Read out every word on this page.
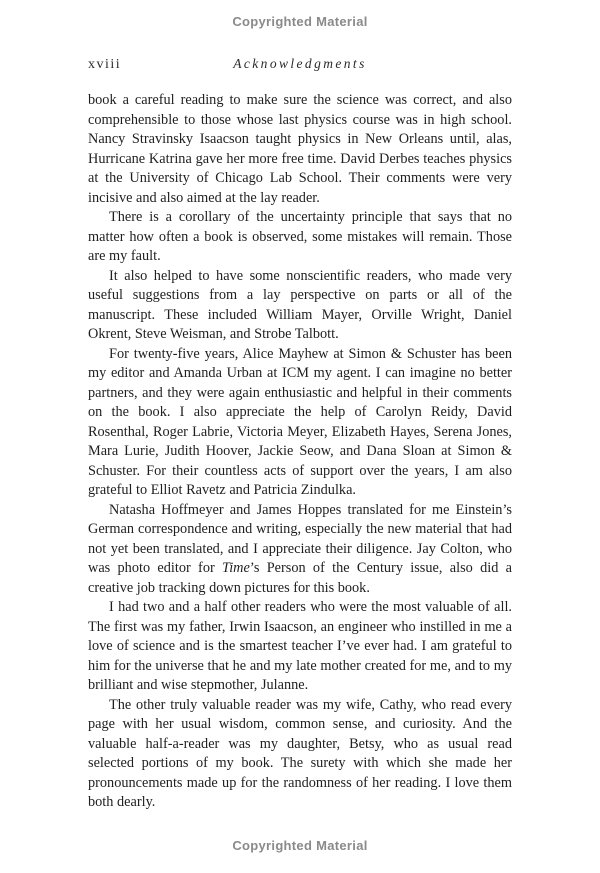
Copyrighted Material
xviii	Acknowledgments

book a careful reading to make sure the science was correct, and also comprehensible to those whose last physics course was in high school. Nancy Stravinsky Isaacson taught physics in New Orleans until, alas, Hurricane Katrina gave her more free time. David Derbes teaches physics at the University of Chicago Lab School. Their comments were very incisive and also aimed at the lay reader.

There is a corollary of the uncertainty principle that says that no matter how often a book is observed, some mistakes will remain. Those are my fault.

It also helped to have some nonscientific readers, who made very useful suggestions from a lay perspective on parts or all of the manuscript. These included William Mayer, Orville Wright, Daniel Okrent, Steve Weisman, and Strobe Talbott.

For twenty-five years, Alice Mayhew at Simon & Schuster has been my editor and Amanda Urban at ICM my agent. I can imagine no better partners, and they were again enthusiastic and helpful in their comments on the book. I also appreciate the help of Carolyn Reidy, David Rosenthal, Roger Labrie, Victoria Meyer, Elizabeth Hayes, Serena Jones, Mara Lurie, Judith Hoover, Jackie Seow, and Dana Sloan at Simon & Schuster. For their countless acts of support over the years, I am also grateful to Elliot Ravetz and Patricia Zindulka.

Natasha Hoffmeyer and James Hoppes translated for me Einstein’s German correspondence and writing, especially the new material that had not yet been translated, and I appreciate their diligence. Jay Colton, who was photo editor for Time’s Person of the Century issue, also did a creative job tracking down pictures for this book.

I had two and a half other readers who were the most valuable of all. The first was my father, Irwin Isaacson, an engineer who instilled in me a love of science and is the smartest teacher I’ve ever had. I am grateful to him for the universe that he and my late mother created for me, and to my brilliant and wise stepmother, Julanne.

The other truly valuable reader was my wife, Cathy, who read every page with her usual wisdom, common sense, and curiosity. And the valuable half-a-reader was my daughter, Betsy, who as usual read selected portions of my book. The surety with which she made her pronouncements made up for the randomness of her reading. I love them both dearly.

Copyrighted Material
